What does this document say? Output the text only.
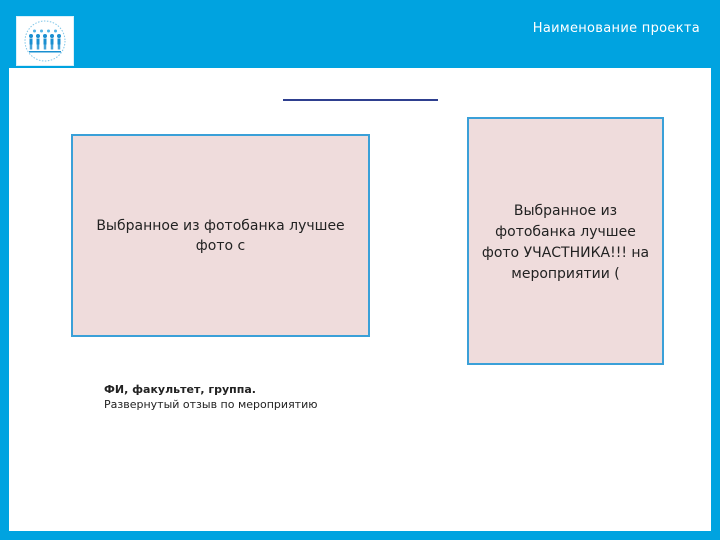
Наименование проекта
Выбранное из фотобанка лучшее фото с
Выбранное из фотобанка лучшее фото УЧАСТНИКА!!! на мероприятии (
ФИ, факультет, группа.
Развернутый отзыв по мероприятию
